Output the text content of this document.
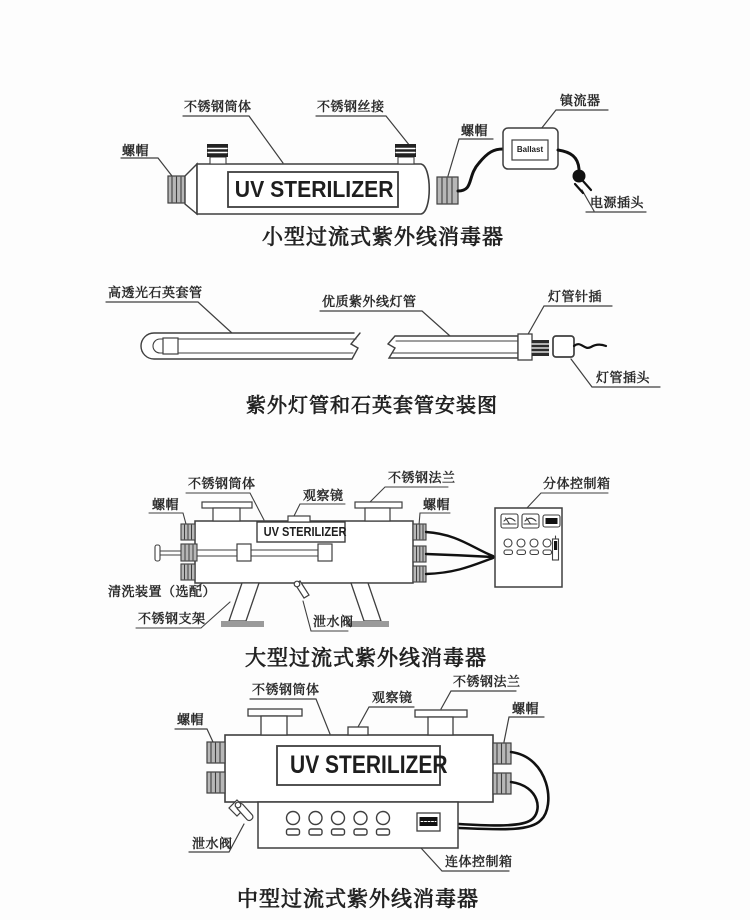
螺帽
不锈钢筒体	不锈钢丝接
螺帽
镇流器
电源插头
UV STERILIZER
Ballast
小型过流式紫外线消毒器
高透光石英套管
优质紫外线灯管	灯管针插
灯管插头
紫外灯管和石英套管安装图
螺帽
不锈钢筒体
观察镜
不锈钢法兰	分体控制箱
螺帽
清洗装置（选配）
不锈钢支架	泄水阀
UV STERILIZER
大型过流式紫外线消毒器
螺帽
不锈钢筒体
观察镜
不锈钢法兰
螺帽
泄水阀
连体控制箱
UV STERILIZER
中型过流式紫外线消毒器
